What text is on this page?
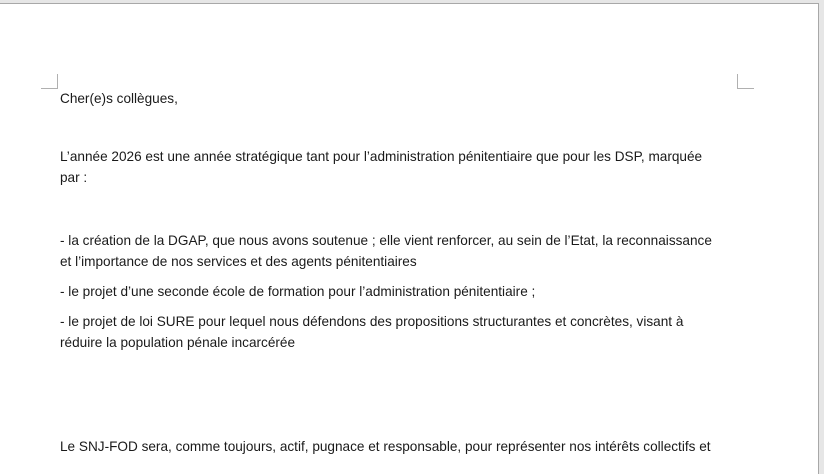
Cher(e)s collègues,
L’année 2026 est une année stratégique tant pour l’administration pénitentiaire que pour les DSP, marquée
par :
- la création de la DGAP, que nous avons soutenue ; elle vient renforcer, au sein de l’Etat, la reconnaissance
et l’importance de nos services et des agents pénitentiaires
- le projet d’une seconde école de formation pour l’administration pénitentiaire ;
- le projet de loi SURE pour lequel nous défendons des propositions structurantes et concrètes, visant à
réduire la population pénale incarcérée
Le SNJ-FOD sera, comme toujours, actif, pugnace et responsable, pour représenter nos intérêts collectifs et
